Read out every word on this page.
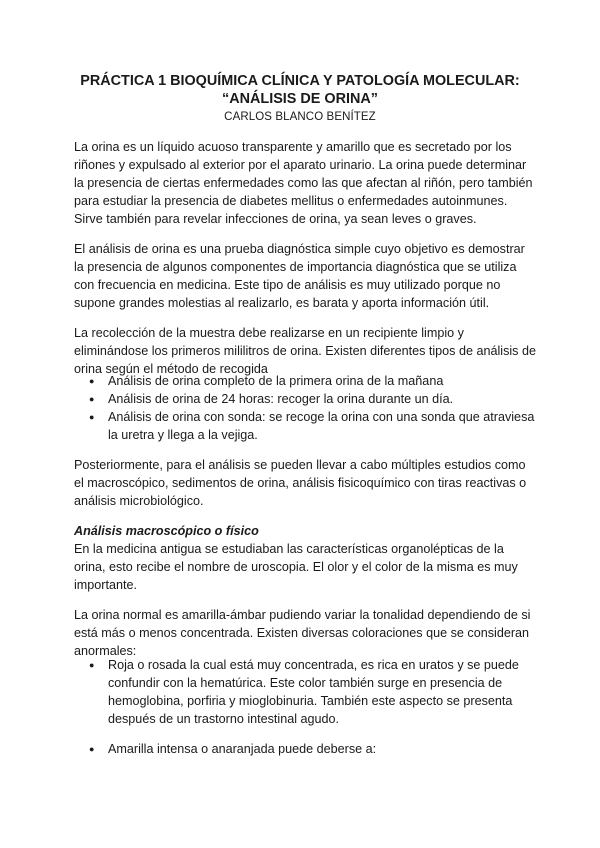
PRÁCTICA 1 BIOQUÍMICA CLÍNICA Y PATOLOGÍA MOLECULAR:

“ANÁLISIS DE ORINA”

CARLOS BLANCO BENÍTEZ

La orina es un líquido acuoso transparente y amarillo que es secretado por los riñones y expulsado al exterior por el aparato urinario. La orina puede determinar la presencia de ciertas enfermedades como las que afectan al riñón, pero también para estudiar la presencia de diabetes mellitus o enfermedades autoinmunes. Sirve también para revelar infecciones de orina, ya sean leves o graves.

El análisis de orina es una prueba diagnóstica simple cuyo objetivo es demostrar la presencia de algunos componentes de importancia diagnóstica que se utiliza con frecuencia en medicina. Este tipo de análisis es muy utilizado porque no supone grandes molestias al realizarlo, es barata y aporta información útil.

La recolección de la muestra debe realizarse en un recipiente limpio y eliminándose los primeros mililitros de orina. Existen diferentes tipos de análisis de orina según el método de recogida

● Análisis de orina completo de la primera orina de la mañana
● Análisis de orina de 24 horas: recoger la orina durante un día.
● Análisis de orina con sonda: se recoge la orina con una sonda que atraviesa la uretra y llega a la vejiga.

Posteriormente, para el análisis se pueden llevar a cabo múltiples estudios como el macroscópico, sedimentos de orina, análisis fisicoquímico con tiras reactivas o análisis microbiológico.

Análisis macroscópico o físico

En la medicina antigua se estudiaban las características organolépticas de la orina, esto recibe el nombre de uroscopia. El olor y el color de la misma es muy importante.

La orina normal es amarilla-ámbar pudiendo variar la tonalidad dependiendo de si está más o menos concentrada. Existen diversas coloraciones que se consideran anormales:

● Roja o rosada la cual está muy concentrada, es rica en uratos y se puede confundir con la hematúrica. Este color también surge en presencia de hemoglobina, porfiria y mioglobinuria. También este aspecto se presenta después de un trastorno intestinal agudo.
● Amarilla intensa o anaranjada puede deberse a:
